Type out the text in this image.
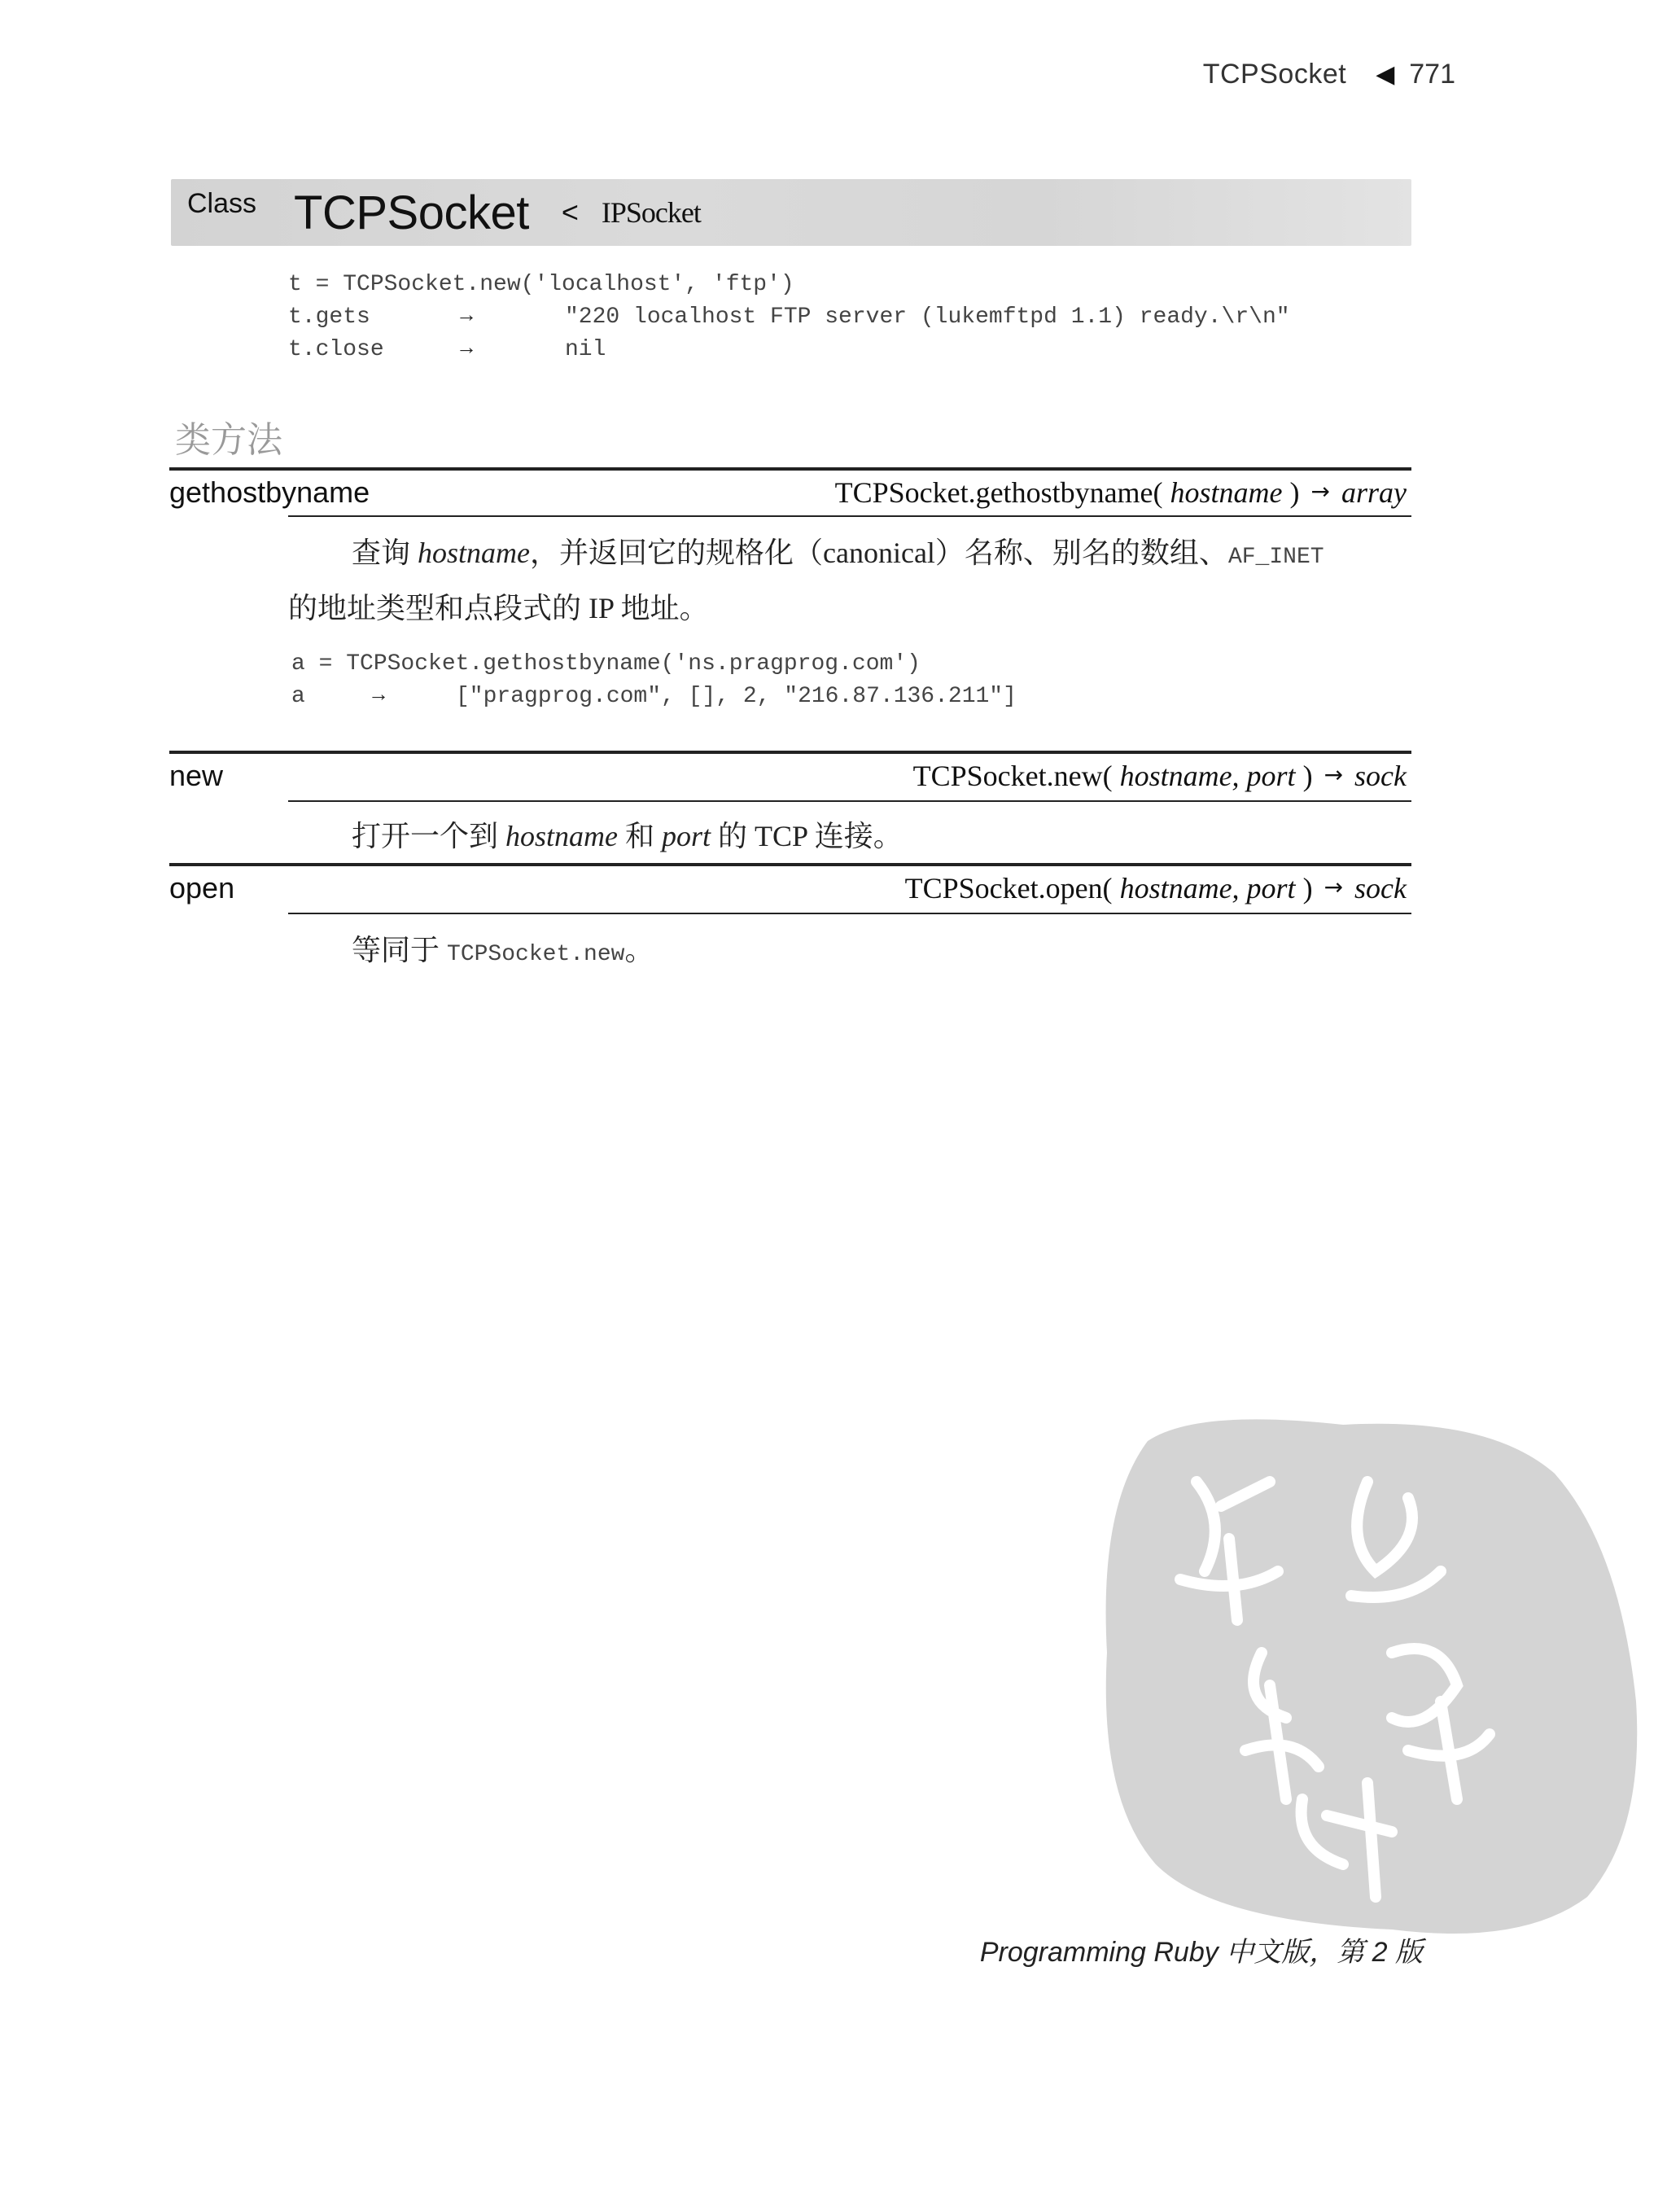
TCPSocket ◀ 771
Class TCPSocket < IPSocket
t = TCPSocket.new('localhost', 'ftp')
t.gets	→	"220 localhost FTP server (lukemftpd 1.1) ready.\r\n"
t.close	→	nil
类方法
gethostbyname	TCPSocket.gethostbyname( hostname ) → array
查询 hostname，并返回它的规格化（canonical）名称、别名的数组、AF_INET
的地址类型和点段式的 IP 地址。
a = TCPSocket.gethostbyname('ns.pragprog.com')
a	→	["pragprog.com", [], 2, "216.87.136.211"]
new	TCPSocket.new( hostname, port ) → sock
打开一个到 hostname 和 port 的 TCP 连接。
open	TCPSocket.open( hostname, port ) → sock
等同于 TCPSocket.new。
Programming Ruby 中文版，第 2 版
